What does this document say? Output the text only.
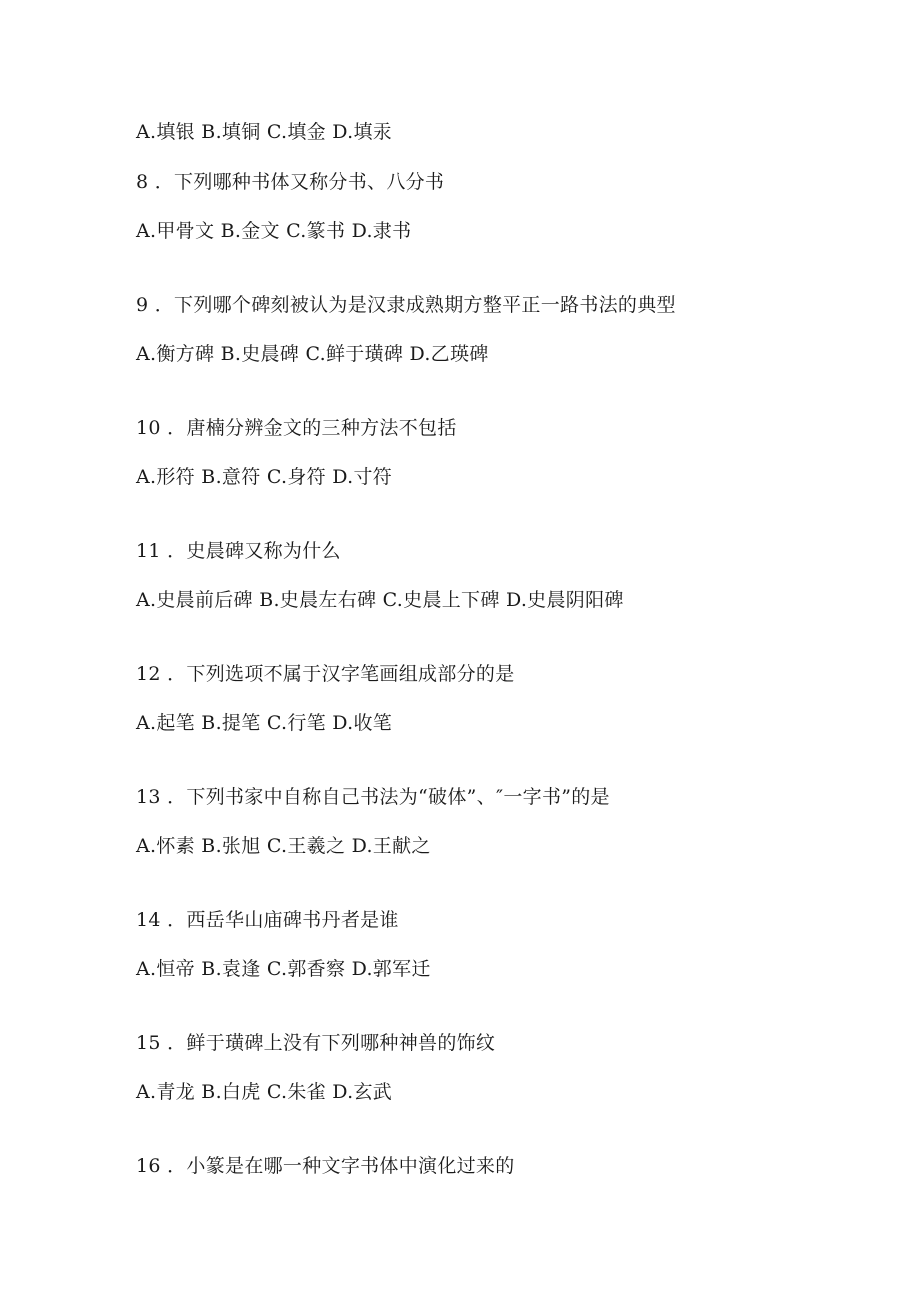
A.填银 B.填铜 C.填金 D.填汞
8 ．下列哪种书体又称分书、八分书
A.甲骨文 B.金文 C.篆书 D.隶书
9 ．下列哪个碑刻被认为是汉隶成熟期方整平正一路书法的典型
A.衡方碑 B.史晨碑 C.鲜于璜碑 D.乙瑛碑
10 ．唐楠分辨金文的三种方法不包括
A.形符 B.意符 C.身符 D.寸符
11 ．史晨碑又称为什么
A.史晨前后碑 B.史晨左右碑 C.史晨上下碑 D.史晨阴阳碑
12 ．下列选项不属于汉字笔画组成部分的是
A.起笔 B.提笔 C.行笔 D.收笔
13 ．下列书家中自称自己书法为“破体”、″一字书”的是
A.怀素 B.张旭 C.王羲之 D.王献之
14 ．西岳华山庙碑书丹者是谁
A.恒帝 B.袁逢 C.郭香察 D.郭军迁
15 ．鲜于璜碑上没有下列哪种神兽的饰纹
A.青龙 B.白虎 C.朱雀 D.玄武
16 ．小篆是在哪一种文字书体中演化过来的
